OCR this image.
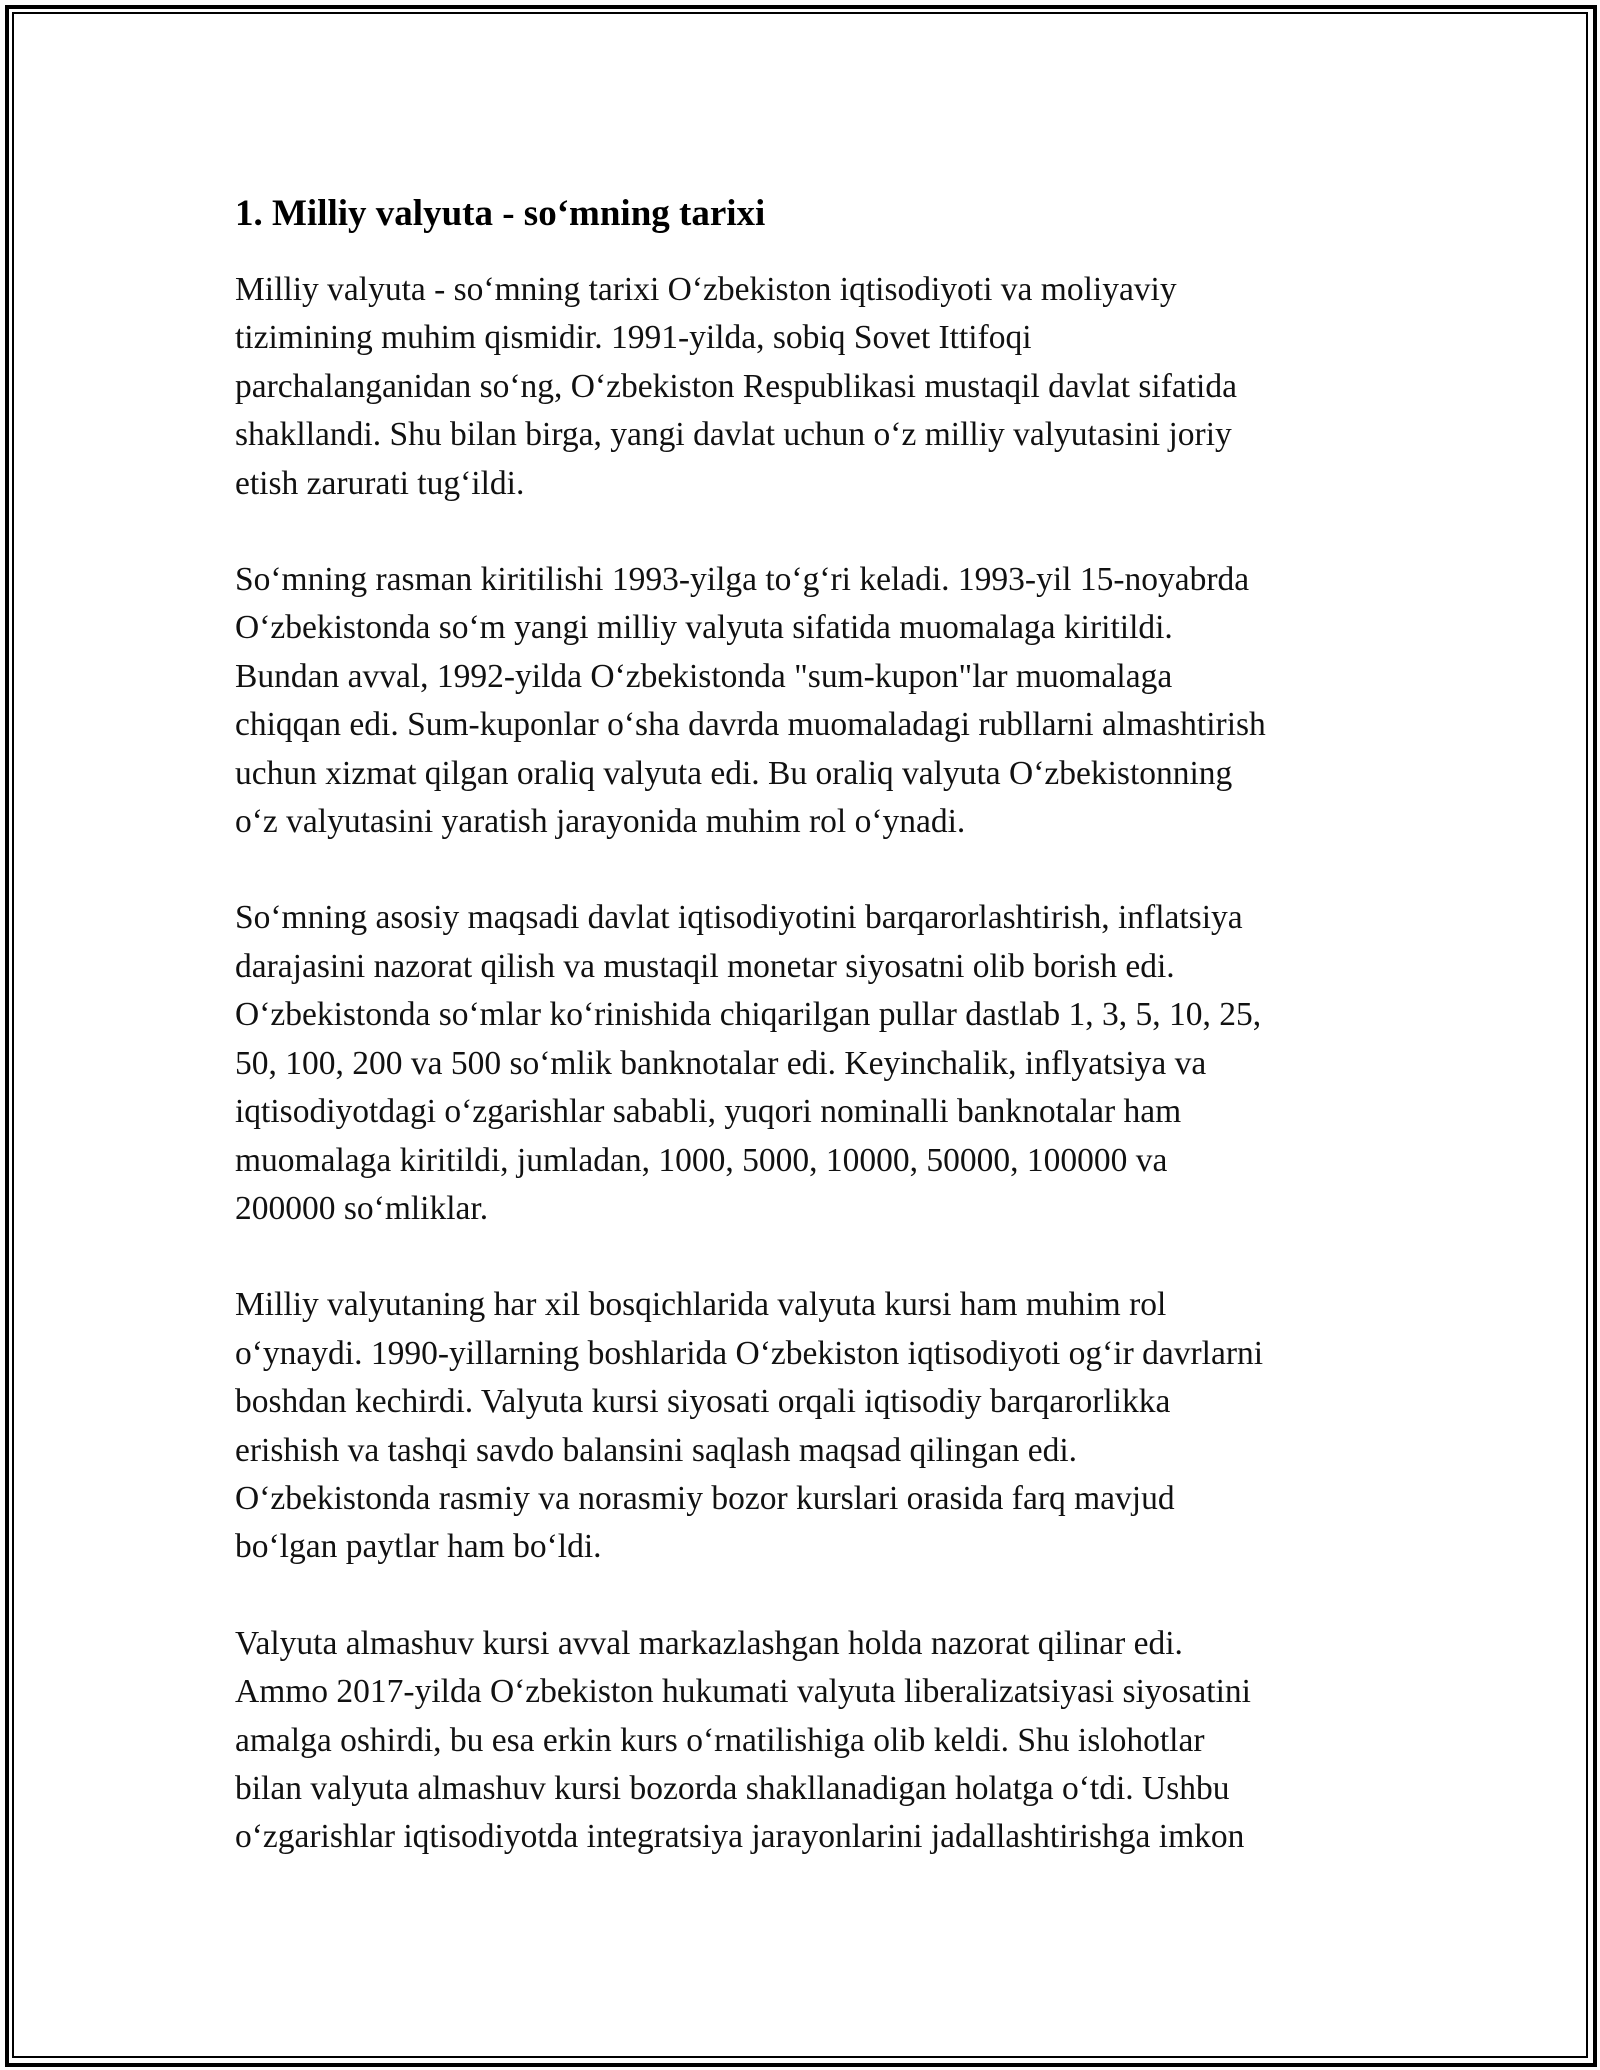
1. Milliy valyuta - so‘mning tarixi

Milliy valyuta - so‘mning tarixi O‘zbekiston iqtisodiyoti va moliyaviy
tizimining muhim qismidir. 1991-yilda, sobiq Sovet Ittifoqi
parchalanganidan so‘ng, O‘zbekiston Respublikasi mustaqil davlat sifatida
shakllandi. Shu bilan birga, yangi davlat uchun o‘z milliy valyutasini joriy
etish zarurati tug‘ildi.

So‘mning rasman kiritilishi 1993-yilga to‘g‘ri keladi. 1993-yil 15-noyabrda
O‘zbekistonda so‘m yangi milliy valyuta sifatida muomalaga kiritildi.
Bundan avval, 1992-yilda O‘zbekistonda "sum-kupon"lar muomalaga
chiqqan edi. Sum-kuponlar o‘sha davrda muomaladagi rubllarni almashtirish
uchun xizmat qilgan oraliq valyuta edi. Bu oraliq valyuta O‘zbekistonning
o‘z valyutasini yaratish jarayonida muhim rol o‘ynadi.

So‘mning asosiy maqsadi davlat iqtisodiyotini barqarorlashtirish, inflatsiya
darajasini nazorat qilish va mustaqil monetar siyosatni olib borish edi.
O‘zbekistonda so‘mlar ko‘rinishida chiqarilgan pullar dastlab 1, 3, 5, 10, 25,
50, 100, 200 va 500 so‘mlik banknotalar edi. Keyinchalik, inflyatsiya va
iqtisodiyotdagi o‘zgarishlar sababli, yuqori nominalli banknotalar ham
muomalaga kiritildi, jumladan, 1000, 5000, 10000, 50000, 100000 va
200000 so‘mliklar.

Milliy valyutaning har xil bosqichlarida valyuta kursi ham muhim rol
o‘ynaydi. 1990-yillarning boshlarida O‘zbekiston iqtisodiyoti og‘ir davrlarni
boshdan kechirdi. Valyuta kursi siyosati orqali iqtisodiy barqarorlikka
erishish va tashqi savdo balansini saqlash maqsad qilingan edi.
O‘zbekistonda rasmiy va norasmiy bozor kurslari orasida farq mavjud
bo‘lgan paytlar ham bo‘ldi.

Valyuta almashuv kursi avval markazlashgan holda nazorat qilinar edi.
Ammo 2017-yilda O‘zbekiston hukumati valyuta liberalizatsiyasi siyosatini
amalga oshirdi, bu esa erkin kurs o‘rnatilishiga olib keldi. Shu islohotlar
bilan valyuta almashuv kursi bozorda shakllanadigan holatga o‘tdi. Ushbu
o‘zgarishlar iqtisodiyotda integratsiya jarayonlarini jadallashtirishga imkon
